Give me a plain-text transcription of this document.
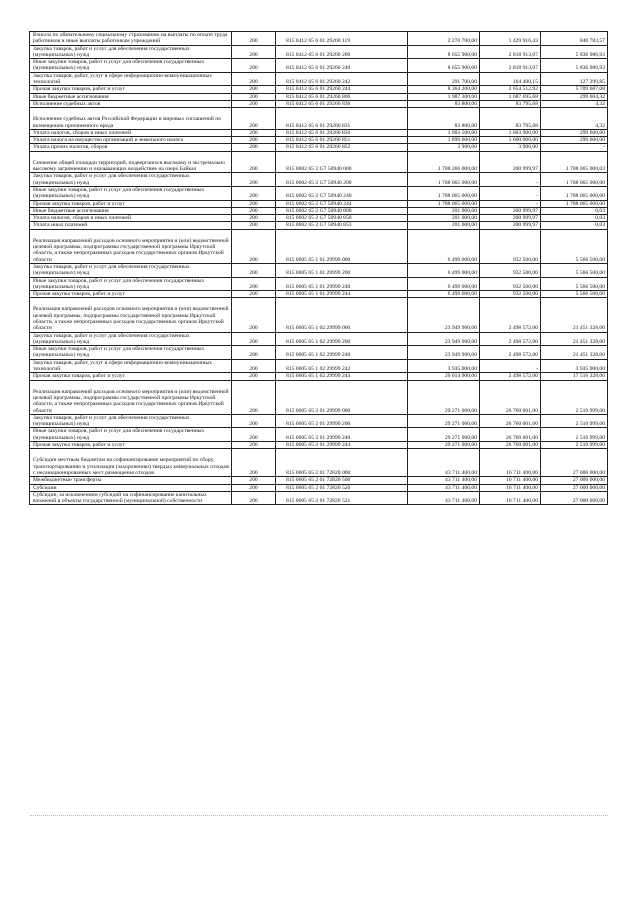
Взносы по обязательному социальному страхованию на выплаты по оплате труда работников и иные выплаты работникам учреждений	200	815 0412 65 6 01 29260 119	2 270 700,00	1 429 916,43	840 783,57
Закупка товаров, работ и услуг для обеспечения государственных (муниципальных) нужд	200	815 0412 65 6 01 29260 200	8 655 900,00	2 818 913,07	5 836 986,93
Иные закупки товаров, работ и услуг для обеспечения государственных (муниципальных) нужд	200	815 0412 65 6 01 29260 240	8 655 900,00	2 818 913,07	5 836 986,93
Закупка товаров, работ, услуг в сфере информационно-коммуникационных технологий	200	815 0412 65 6 01 29260 242	291 700,00	164 400,15	127 299,85
Прочая закупка товаров, работ и услуг	200	815 0412 65 6 01 29260 244	8 364 200,00	2 654 512,92	5 709 687,08
Иные бюджетные ассигнования	200	815 0412 65 6 01 29260 800	1 987 300,00	1 687 695,68	299 604,32
Исполнение судебных актов	200	815 0412 65 6 01 29260 830	83 800,00	83 795,68	4,32
Исполнение судебных актов Российской Федерации и мировых соглашений по возмещению причиненного вреда	200	815 0412 65 6 01 29260 831	83 800,00	83 795,68	4,32
Уплата налогов, сборов и иных платежей	200	815 0412 65 6 01 29260 850	1 903 500,00	1 603 900,00	299 600,00
Уплата налога на имущество организаций и земельного налога	200	815 0412 65 6 01 29260 851	1 899 600,00	1 600 000,00	299 600,00
Уплата прочих налогов, сборов	200	815 0412 65 6 01 29260 852	3 900,00	3 900,00	-
Снижение общей площади территорий, подвергшихся высокому и экстремально высокому загрязнению и оказывающих воздействие на озеро Байкал	200	815 0602 65 2 G7 50940 000	1 788 266 000,00	200 999,97	1 788 065 000,03
Закупка товаров, работ и услуг для обеспечения государственных (муниципальных) нужд	200	815 0602 65 2 G7 50940 200	1 788 065 000,00	-	1 788 065 000,00
Иные закупки товаров, работ и услуг для обеспечения государственных (муниципальных) нужд	200	815 0602 65 2 G7 50940 240	1 788 065 000,00	-	1 788 065 000,00
Прочая закупка товаров, работ и услуг	200	815 0602 65 2 G7 50940 244	1 788 065 000,00	-	1 788 065 000,00
Иные бюджетные ассигнования	200	815 0602 65 2 G7 50940 800	201 000,00	200 999,97	0,03
Уплата налогов, сборов и иных платежей	200	815 0602 65 2 G7 50940 850	201 000,00	200 999,97	0,03
Уплата иных платежей	200	815 0602 65 2 G7 50940 853	201 000,00	200 999,97	0,03
Реализация направлений расходов основного мероприятия и (или) ведомственной целевой программы, подпрограммы государственной программы Иркутской области, а также непрограммных расходов государственных органов Иркутской области	200	815 0605 65 1 01 29999 000	6 499 000,00	932 500,00	5 566 500,00
Закупка товаров, работ и услуг для обеспечения государственных (муниципальных) нужд	200	815 0605 65 1 01 29999 200	6 499 000,00	932 500,00	5 566 500,00
Иные закупки товаров, работ и услуг для обеспечения государственных (муниципальных) нужд	200	815 0605 65 1 01 29999 240	6 499 000,00	932 500,00	5 566 500,00
Прочая закупка товаров, работ и услуг	200	815 0605 65 1 01 29999 244	6 499 000,00	932 500,00	5 566 500,00
Реализация направлений расходов основного мероприятия и (или) ведомственной целевой программы, подпрограммы государственной программы Иркутской области, а также непрограммных расходов государственных органов Иркутской области	200	815 0605 65 1 02 29999 000	23 949 900,00	2 498 572,00	21 451 328,00
Закупка товаров, работ и услуг для обеспечения государственных (муниципальных) нужд	200	815 0605 65 1 02 29999 200	23 949 900,00	2 498 572,00	21 451 328,00
Иные закупки товаров, работ и услуг для обеспечения государственных (муниципальных) нужд	200	815 0605 65 1 02 29999 240	23 949 900,00	2 498 572,00	21 451 328,00
Закупка товаров, работ, услуг в сфере информационно-коммуникационных технологий	200	815 0605 65 1 02 29999 242	3 935 000,00	-	3 935 000,00
Прочая закупка товаров, работ и услуг	200	815 0605 65 1 02 29999 244	20 014 900,00	2 498 572,00	17 516 328,00
Реализация направлений расходов основного мероприятия и (или) ведомственной целевой программы, подпрограммы государственной программы Иркутской области, а также непрограммных расходов государственных органов Иркутской области	200	815 0605 65 2 01 29999 000	29 271 000,00	26 760 001,00	2 510 999,00
Закупка товаров, работ и услуг для обеспечения государственных (муниципальных) нужд	200	815 0605 65 2 01 29999 200	29 271 000,00	26 760 001,00	2 510 999,00
Иные закупки товаров, работ и услуг для обеспечения государственных (муниципальных) нужд	200	815 0605 65 2 01 29999 240	29 271 000,00	26 760 001,00	2 510 999,00
Прочая закупка товаров, работ и услуг	200	815 0605 65 2 01 29999 244	29 271 000,00	26 760 001,00	2 510 999,00
Субсидии местным бюджетам на софинансирование мероприятий по сбору, транспортированию и утилизации (захоронению) твердых коммунальных отходов с несанкционированных мест размещения отходов	200	815 0605 65 2 01 72820 000	43 711 400,00	16 711 400,00	27 000 000,00
Межбюджетные трансферты	200	815 0605 65 2 01 72820 500	43 711 400,00	16 711 400,00	27 000 000,00
Субсидии	200	815 0605 65 2 01 72820 520	43 711 400,00	16 711 400,00	27 000 000,00
Субсидии, за исключением субсидий на софинансирование капитальных вложений в объекты государственной (муниципальной) собственности	200	815 0605 65 2 01 72820 521	43 711 400,00	16 711 400,00	27 000 000,00
